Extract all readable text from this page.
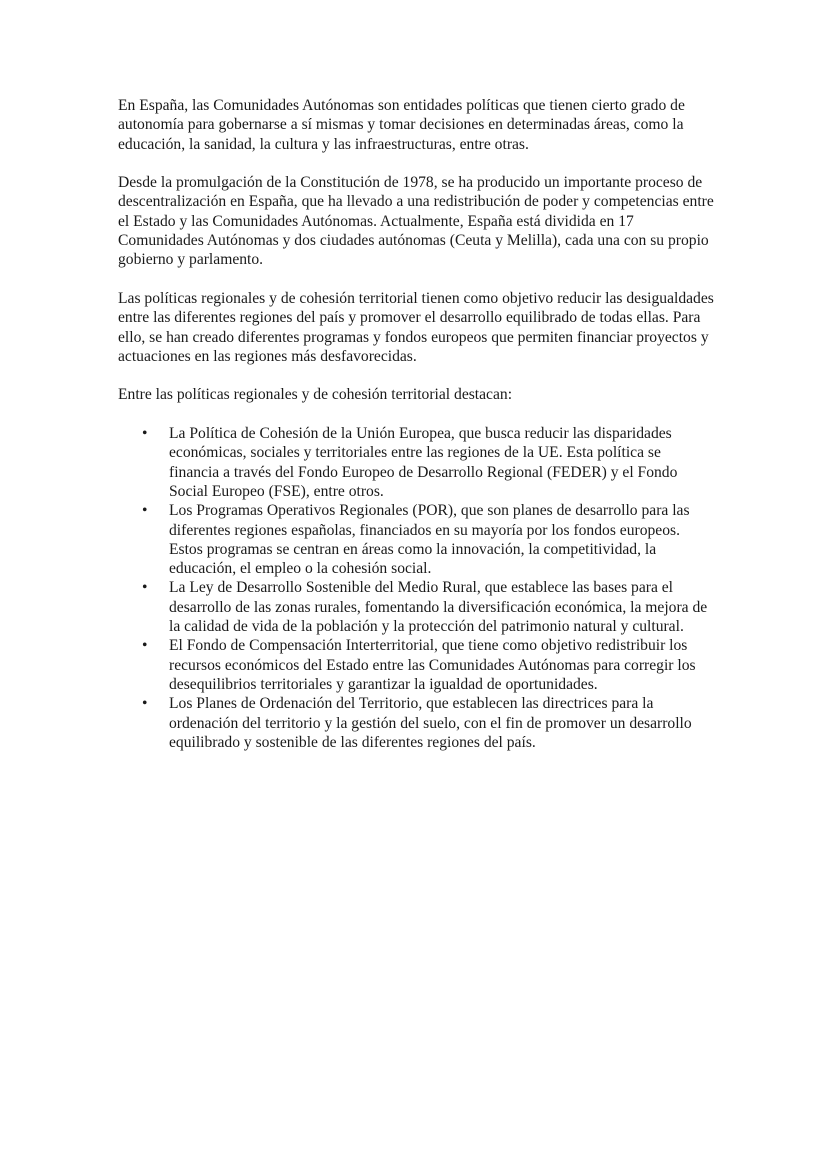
En España, las Comunidades Autónomas son entidades políticas que tienen cierto grado de autonomía para gobernarse a sí mismas y tomar decisiones en determinadas áreas, como la educación, la sanidad, la cultura y las infraestructuras, entre otras.

Desde la promulgación de la Constitución de 1978, se ha producido un importante proceso de descentralización en España, que ha llevado a una redistribución de poder y competencias entre el Estado y las Comunidades Autónomas. Actualmente, España está dividida en 17 Comunidades Autónomas y dos ciudades autónomas (Ceuta y Melilla), cada una con su propio gobierno y parlamento.

Las políticas regionales y de cohesión territorial tienen como objetivo reducir las desigualdades entre las diferentes regiones del país y promover el desarrollo equilibrado de todas ellas. Para ello, se han creado diferentes programas y fondos europeos que permiten financiar proyectos y actuaciones en las regiones más desfavorecidas.

Entre las políticas regionales y de cohesión territorial destacan:

• La Política de Cohesión de la Unión Europea, que busca reducir las disparidades económicas, sociales y territoriales entre las regiones de la UE. Esta política se financia a través del Fondo Europeo de Desarrollo Regional (FEDER) y el Fondo Social Europeo (FSE), entre otros.
• Los Programas Operativos Regionales (POR), que son planes de desarrollo para las diferentes regiones españolas, financiados en su mayoría por los fondos europeos. Estos programas se centran en áreas como la innovación, la competitividad, la educación, el empleo o la cohesión social.
• La Ley de Desarrollo Sostenible del Medio Rural, que establece las bases para el desarrollo de las zonas rurales, fomentando la diversificación económica, la mejora de la calidad de vida de la población y la protección del patrimonio natural y cultural.
• El Fondo de Compensación Interterritorial, que tiene como objetivo redistribuir los recursos económicos del Estado entre las Comunidades Autónomas para corregir los desequilibrios territoriales y garantizar la igualdad de oportunidades.
• Los Planes de Ordenación del Territorio, que establecen las directrices para la ordenación del territorio y la gestión del suelo, con el fin de promover un desarrollo equilibrado y sostenible de las diferentes regiones del país.
